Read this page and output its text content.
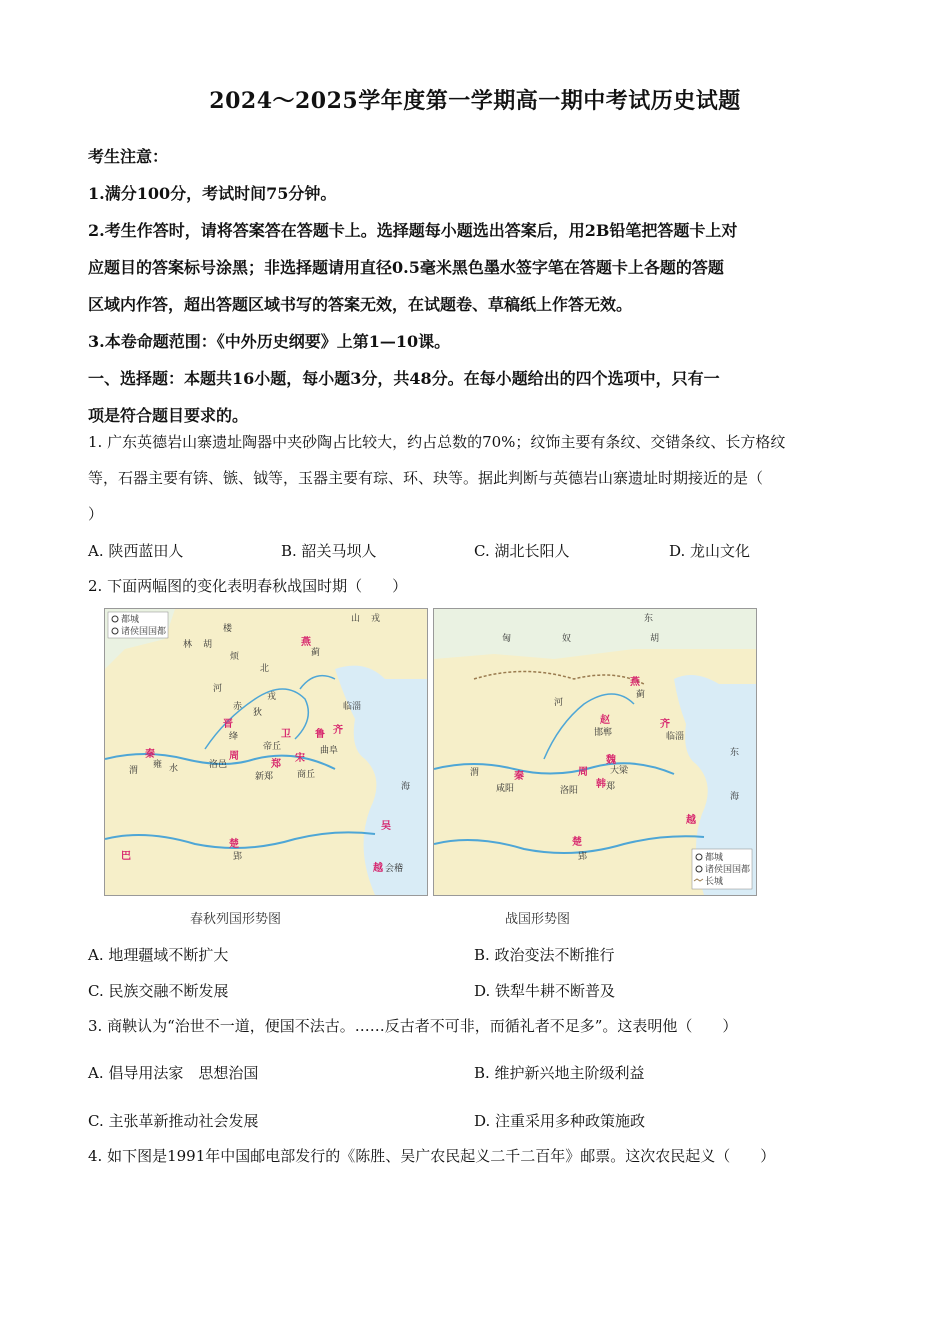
2024～2025学年度第一学期高一期中考试历史试题

考生注意：

1.满分100分，考试时间75分钟。

2.考生作答时，请将答案答在答题卡上。选择题每小题选出答案后，用2B铅笔把答题卡上对

应题目的答案标号涂黑；非选择题请用直径0.5毫米黑色墨水签字笔在答题卡上各题的答题

区域内作答，超出答题区域书写的答案无效，在试题卷、草稿纸上作答无效。

3.本卷命题范围：《中外历史纲要》上第1—10课。

一、选择题：本题共16小题，每小题3分，共48分。在每小题给出的四个选项中，只有一

项是符合题目要求的。

1. 广东英德岩山寨遗址陶器中夹砂陶占比较大，约占总数的70%；纹饰主要有条纹、交错条纹、长方格纹

等，石器主要有锛、镞、钺等，玉器主要有琮、环、玦等。据此判断与英德岩山寨遗址时期接近的是（

）

A. 陕西蓝田人	B. 韶关马坝人	C. 湖北长阳人	D. 龙山文化

2. 下面两幅图的变化表明春秋战国时期（　　）

都城
诸侯国国都
山 戎
楼
林 胡
烦
燕
蓟
北
戎
赤
狄
临淄
齐
晋
绛	卫
帝丘
鲁
曲阜
秦
雍
周
洛邑	郑
新郑
宋
商丘
吴
楚
郢
巴
越 会稽
渭	水
河
海
春秋列国形势图
都城
诸侯国国都
长城
匈	奴
东
胡
燕
蓟
赵
邯郸
齐
临淄
秦
咸阳
周
洛阳
魏
大梁
韩 郑
楚
郢
越
海
东
渭
河
战国形势图
A. 地理疆域不断扩大	B. 政治变法不断推行
C. 民族交融不断发展	D. 铁犁牛耕不断普及

3. 商鞅认为“治世不一道，便国不法古。……反古者不可非，而循礼者不足多”。这表明他（　　）

A. 倡导用法家　思想治国	B. 维护新兴地主阶级利益
C. 主张革新推动社会发展	D. 注重采用多种政策施政

4. 如下图是1991年中国邮电部发行的《陈胜、吴广农民起义二千二百年》邮票。这次农民起义（　　）
